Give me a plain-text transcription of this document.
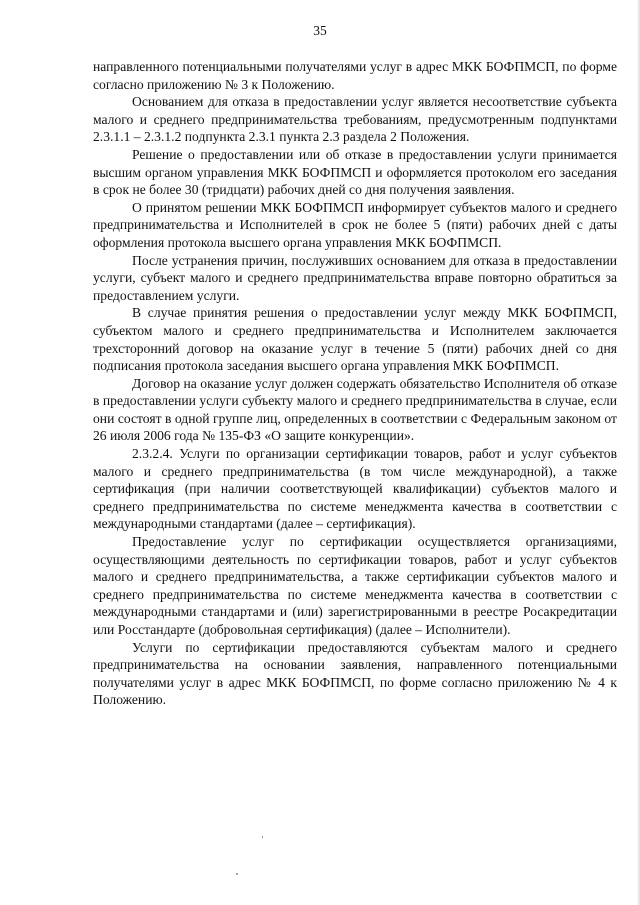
35

направленного потенциальными получателями услуг в адрес МКК БОФПМСП, по форме согласно приложению № 3 к Положению.

Основанием для отказа в предоставлении услуг является несоответствие субъекта малого и среднего предпринимательства требованиям, предусмотренным подпунктами 2.3.1.1 – 2.3.1.2 подпункта 2.3.1 пункта 2.3 раздела 2 Положения.

Решение о предоставлении или об отказе в предоставлении услуги принимается высшим органом управления МКК БОФПМСП и оформляется протоколом его заседания в срок не более 30 (тридцати) рабочих дней со дня получения заявления.

О принятом решении МКК БОФПМСП информирует субъектов малого и среднего предпринимательства и Исполнителей в срок не более 5 (пяти) рабочих дней с даты оформления протокола высшего органа управления МКК БОФПМСП.

После устранения причин, послуживших основанием для отказа в предоставлении услуги, субъект малого и среднего предпринимательства вправе повторно обратиться за предоставлением услуги.

В случае принятия решения о предоставлении услуг между МКК БОФПМСП, субъектом малого и среднего предпринимательства и Исполнителем заключается трехсторонний договор на оказание услуг в течение 5 (пяти) рабочих дней со дня подписания протокола заседания высшего органа управления МКК БОФПМСП.

Договор на оказание услуг должен содержать обязательство Исполнителя об отказе в предоставлении услуги субъекту малого и среднего предпринимательства в случае, если они состоят в одной группе лиц, определенных в соответствии с Федеральным законом от 26 июля 2006 года № 135-ФЗ «О защите конкуренции».

2.3.2.4. Услуги по организации сертификации товаров, работ и услуг субъектов малого и среднего предпринимательства (в том числе международной), а также сертификация (при наличии соответствующей квалификации) субъектов малого и среднего предпринимательства по системе менеджмента качества в соответствии с международными стандартами (далее – сертификация).

Предоставление услуг по сертификации осуществляется организациями, осуществляющими деятельность по сертификации товаров, работ и услуг субъектов малого и среднего предпринимательства, а также сертификации субъектов малого и среднего предпринимательства по системе менеджмента качества в соответствии с международными стандартами и (или) зарегистрированными в реестре Росакредитации или Росстандарте (добровольная сертификация) (далее – Исполнители).

Услуги по сертификации предоставляются субъектам малого и среднего предпринимательства на основании заявления, направленного потенциальными получателями услуг в адрес МКК БОФПМСП, по форме согласно приложению № 4 к Положению.
